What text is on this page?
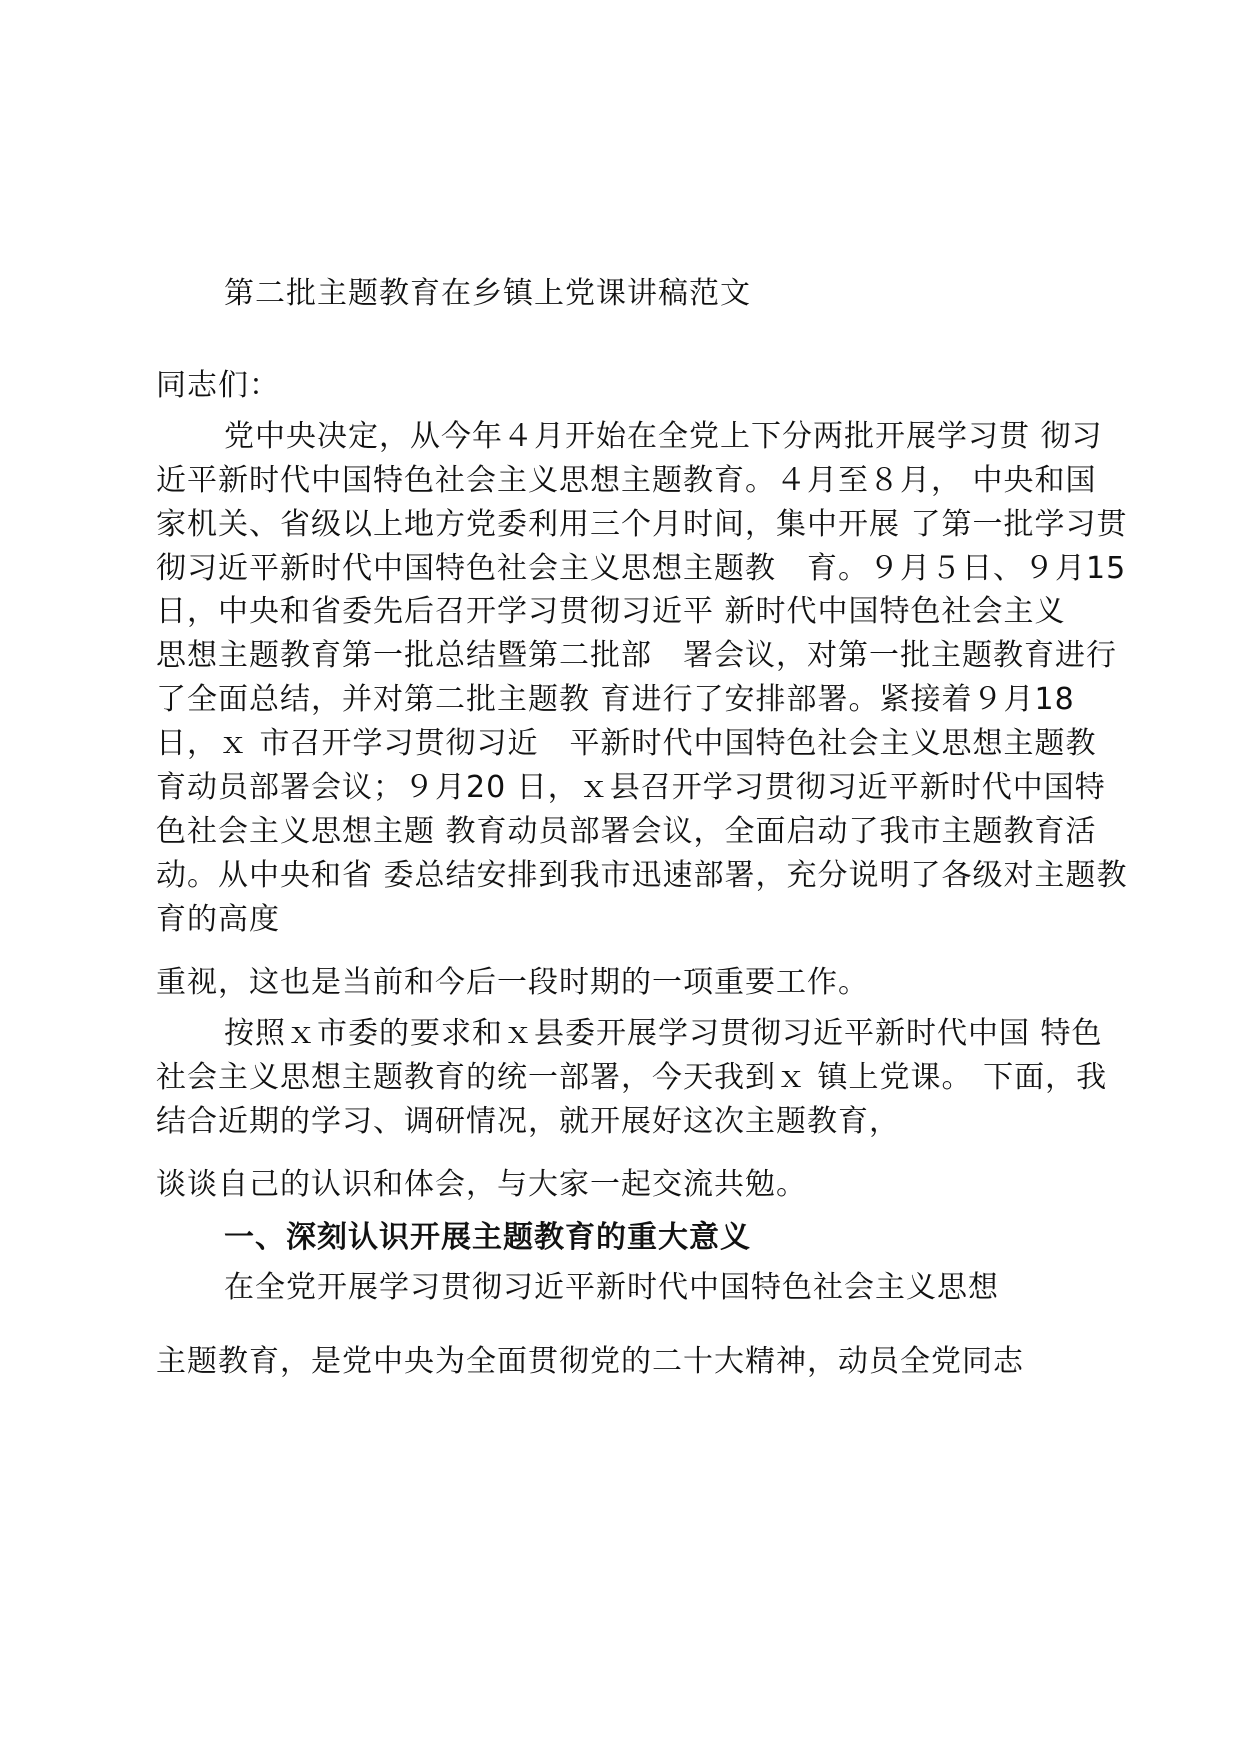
第二批主题教育在乡镇上党课讲稿范文
同志们：
党中央决定，从今年４月开始在全党上下分两批开展学习贯 彻习
近平新时代中国特色社会主义思想主题教育。４月至８月， 中央和国
家机关、省级以上地方党委利用三个月时间，集中开展 了第一批学习贯
彻习近平新时代中国特色社会主义思想主题教　育。９月５日、９月15
日，中央和省委先后召开学习贯彻习近平 新时代中国特色社会主义
思想主题教育第一批总结暨第二批部　署会议，对第一批主题教育进行
了全面总结，并对第二批主题教 育进行了安排部署。紧接着９月18
日，ｘ 市召开学习贯彻习近　平新时代中国特色社会主义思想主题教
育动员部署会议；９月20 日，ｘ县召开学习贯彻习近平新时代中国特
色社会主义思想主题 教育动员部署会议，全面启动了我市主题教育活
动。从中央和省 委总结安排到我市迅速部署，充分说明了各级对主题教
育的高度
重视，这也是当前和今后一段时期的一项重要工作。
按照ｘ市委的要求和ｘ县委开展学习贯彻习近平新时代中国 特色
社会主义思想主题教育的统一部署，今天我到ｘ 镇上党课。 下面，我
结合近期的学习、调研情况，就开展好这次主题教育，
谈谈自己的认识和体会，与大家一起交流共勉。
一、深刻认识开展主题教育的重大意义
在全党开展学习贯彻习近平新时代中国特色社会主义思想
主题教育，是党中央为全面贯彻党的二十大精神，动员全党同志
